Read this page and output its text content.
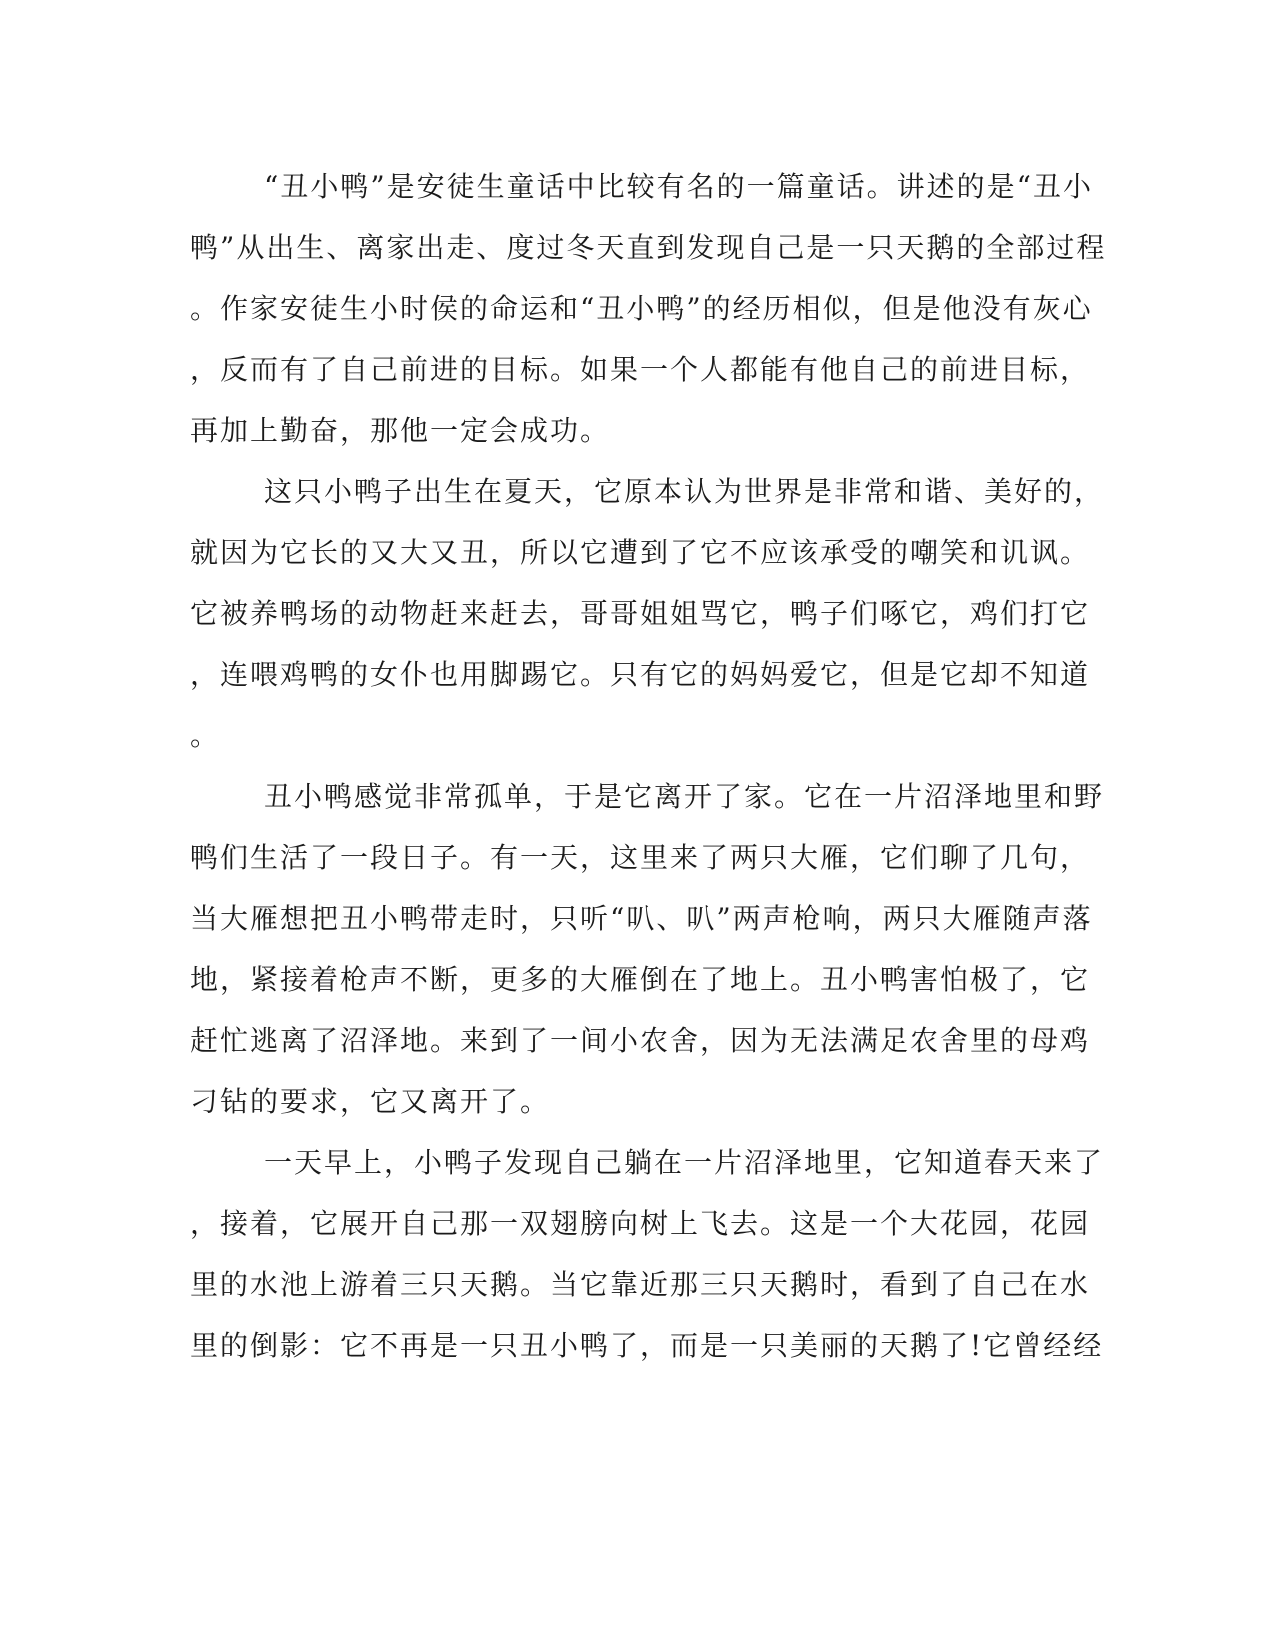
“丑小鸭”是安徒生童话中比较有名的一篇童话。讲述的是“丑小
鸭”从出生、离家出走、度过冬天直到发现自己是一只天鹅的全部过程
。作家安徒生小时侯的命运和“丑小鸭”的经历相似，但是他没有灰心
，反而有了自己前进的目标。如果一个人都能有他自己的前进目标，
再加上勤奋，那他一定会成功。
这只小鸭子出生在夏天，它原本认为世界是非常和谐、美好的，
就因为它长的又大又丑，所以它遭到了它不应该承受的嘲笑和讥讽。
它被养鸭场的动物赶来赶去，哥哥姐姐骂它，鸭子们啄它，鸡们打它
，连喂鸡鸭的女仆也用脚踢它。只有它的妈妈爱它，但是它却不知道
。
丑小鸭感觉非常孤单，于是它离开了家。它在一片沼泽地里和野
鸭们生活了一段日子。有一天，这里来了两只大雁，它们聊了几句，
当大雁想把丑小鸭带走时，只听“叭、叭”两声枪响，两只大雁随声落
地，紧接着枪声不断，更多的大雁倒在了地上。丑小鸭害怕极了，它
赶忙逃离了沼泽地。来到了一间小农舍，因为无法满足农舍里的母鸡
刁钻的要求，它又离开了。
一天早上，小鸭子发现自己躺在一片沼泽地里，它知道春天来了
，接着，它展开自己那一双翅膀向树上飞去。这是一个大花园，花园
里的水池上游着三只天鹅。当它靠近那三只天鹅时，看到了自己在水
里的倒影：它不再是一只丑小鸭了，而是一只美丽的天鹅了!它曾经经
